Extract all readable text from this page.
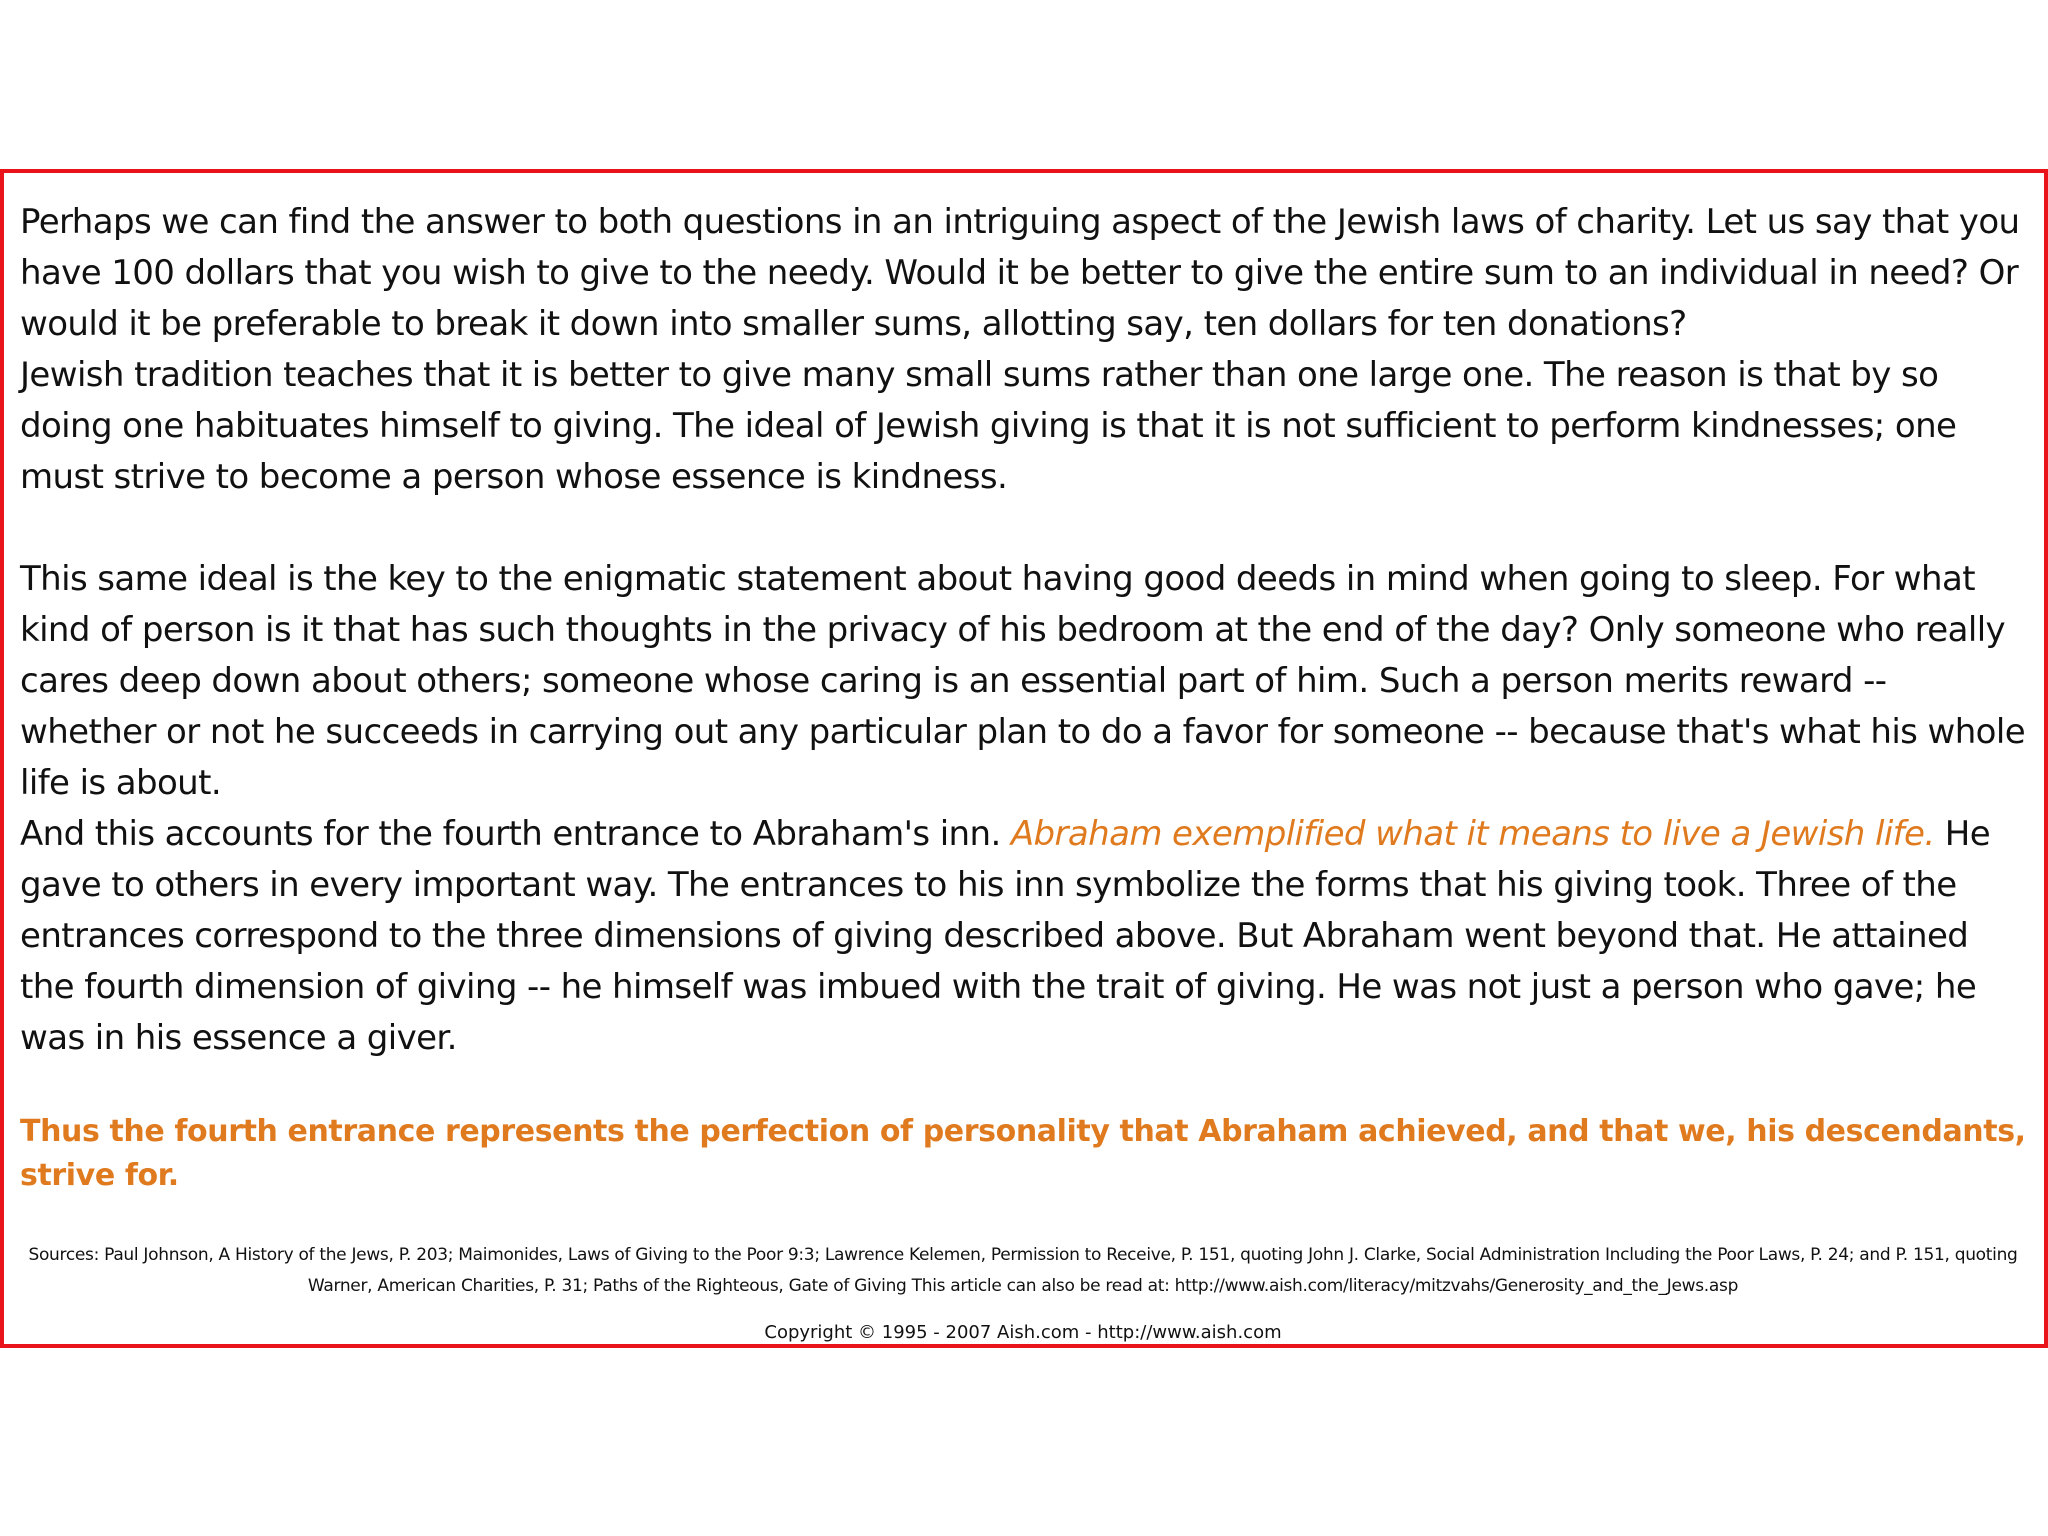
Perhaps we can find the answer to both questions in an intriguing aspect of the Jewish laws of charity. Let us say that you have 100 dollars that you wish to give to the needy. Would it be better to give the entire sum to an individual in need? Or would it be preferable to break it down into smaller sums, allotting say, ten dollars for ten donations?

Jewish tradition teaches that it is better to give many small sums rather than one large one. The reason is that by so doing one habituates himself to giving. The ideal of Jewish giving is that it is not sufficient to perform kindnesses; one must strive to become a person whose essence is kindness.

This same ideal is the key to the enigmatic statement about having good deeds in mind when going to sleep. For what kind of person is it that has such thoughts in the privacy of his bedroom at the end of the day? Only someone who really cares deep down about others; someone whose caring is an essential part of him. Such a person merits reward -- whether or not he succeeds in carrying out any particular plan to do a favor for someone -- because that's what his whole life is about.

And this accounts for the fourth entrance to Abraham's inn. Abraham exemplified what it means to live a Jewish life. He gave to others in every important way. The entrances to his inn symbolize the forms that his giving took. Three of the entrances correspond to the three dimensions of giving described above. But Abraham went beyond that. He attained the fourth dimension of giving -- he himself was imbued with the trait of giving. He was not just a person who gave; he was in his essence a giver.

Thus the fourth entrance represents the perfection of personality that Abraham achieved, and that we, his descendants, strive for.

Sources: Paul Johnson, A History of the Jews, P. 203; Maimonides, Laws of Giving to the Poor 9:3; Lawrence Kelemen, Permission to Receive, P. 151, quoting John J. Clarke, Social Administration Including the Poor Laws, P. 24; and P. 151, quoting Warner, American Charities, P. 31; Paths of the Righteous, Gate of Giving This article can also be read at: http://www.aish.com/literacy/mitzvahs/Generosity_and_the_Jews.asp

Copyright © 1995 - 2007 Aish.com - http://www.aish.com
